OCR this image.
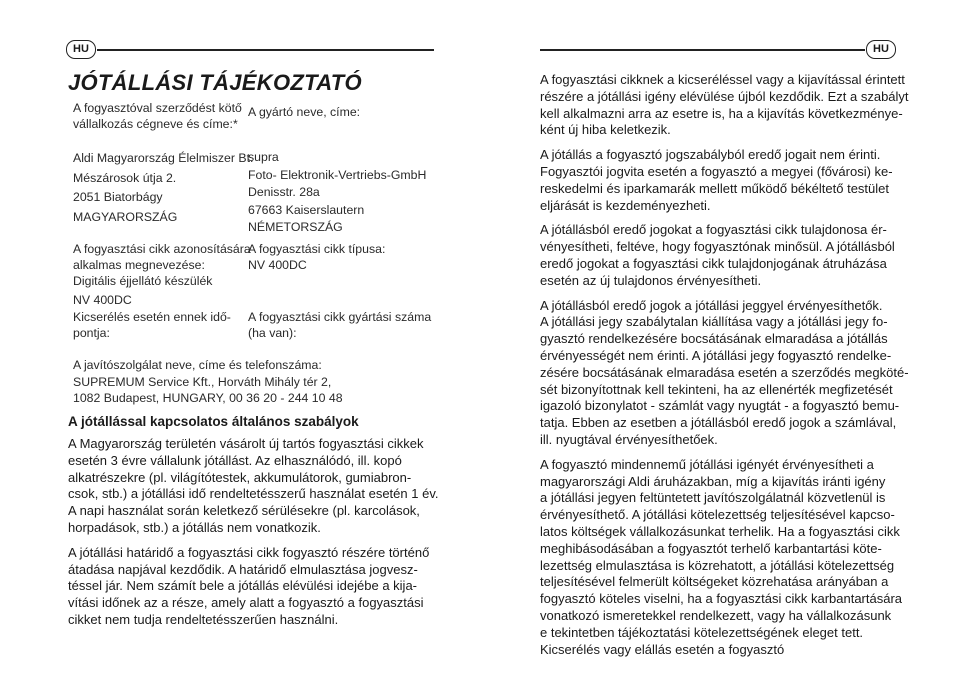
HU
JÓTÁLLÁSI TÁJÉKOZTATÓ
HU
A fogyasztóval szerződést kötő
vállalkozás cégneve és címe:*
Aldi Magyarország Élelmiszer Bt.
Mészárosok útja 2.
2051 Biatorbágy
MAGYARORSZÁG
A fogyasztási cikk azonosítására
alkalmas megnevezése:
Digitális éjjellátó készülék
NV 400DC
Kicserélés esetén ennek idő-
pontja:
A gyártó neve, címe:
supra
Foto- Elektronik-Vertriebs-GmbH
Denisstr. 28a
67663 Kaiserslautern
NÉMETORSZÁG
A fogyasztási cikk típusa:
NV 400DC
A fogyasztási cikk gyártási száma
(ha van):
A javítószolgálat neve, címe és telefonszáma:
SUPREMUM Service Kft., Horváth Mihály tér 2,
1082 Budapest, HUNGARY, 00 36 20 - 244 10 48
A jótállással kapcsolatos általános szabályok

A Magyarország területén vásárolt új tartós fogyasztási cikkek
esetén 3 évre vállalunk jótállást. Az elhasználódó, ill. kopó
alkatrészekre (pl. világítótestek, akkumulátorok, gumiabron-
csok, stb.) a jótállási idő rendeltetésszerű használat esetén 1 év.
A napi használat során keletkező sérülésekre (pl. karcolások,
horpadások, stb.) a jótállás nem vonatkozik.

A jótállási határidő a fogyasztási cikk fogyasztó részére történő
átadása napjával kezdődik. A határidő elmulasztása jogvesz-
téssel jár. Nem számít bele a jótállás elévülési idejébe a kija-
vítási időnek az a része, amely alatt a fogyasztó a fogyasztási
cikket nem tudja rendeltetésszerűen használni.

A fogyasztási cikknek a kicseréléssel vagy a kijavítással érintett
részére a jótállási igény elévülése újból kezdődik. Ezt a szabályt
kell alkalmazni arra az esetre is, ha a kijavítás következménye-
ként új hiba keletkezik.

A jótállás a fogyasztó jogszabályból eredő jogait nem érinti.
Fogyasztói jogvita esetén a fogyasztó a megyei (fővárosi) ke-
reskedelmi és iparkamarák mellett működő békéltető testület
eljárását is kezdeményezheti.

A jótállásból eredő jogokat a fogyasztási cikk tulajdonosa ér-
vényesítheti, feltéve, hogy fogyasztónak minősül. A jótállásból
eredő jogokat a fogyasztási cikk tulajdonjogának átruházása
esetén az új tulajdonos érvényesítheti.

A jótállásból eredő jogok a jótállási jeggyel érvényesíthetők.
A jótállási jegy szabálytalan kiállítása vagy a jótállási jegy fo-
gyasztó rendelkezésére bocsátásának elmaradása a jótállás
érvényességét nem érinti. A jótállási jegy fogyasztó rendelke-
zésére bocsátásának elmaradása esetén a szerződés megköté-
sét bizonyítottnak kell tekinteni, ha az ellenérték megfizetését
igazoló bizonylatot - számlát vagy nyugtát - a fogyasztó bemu-
tatja. Ebben az esetben a jótállásból eredő jogok a számlával,
ill. nyugtával érvényesíthetőek.

A fogyasztó mindennemű jótállási igényét érvényesítheti a
magyarországi Aldi áruházakban, míg a kijavítás iránti igény
a jótállási jegyen feltüntetett javítószolgálatnál közvetlenül is
érvényesíthető. A jótállási kötelezettség teljesítésével kapcso-
latos költségek vállalkozásunkat terhelik. Ha a fogyasztási cikk
meghibásodásában a fogyasztót terhelő karbantartási köte-
lezettség elmulasztása is közrehatott, a jótállási kötelezettség
teljesítésével felmerült költségeket közrehatása arányában a
fogyasztó köteles viselni, ha a fogyasztási cikk karbantartására
vonatkozó ismeretekkel rendelkezett, vagy ha vállalkozásunk
e tekintetben tájékoztatási kötelezettségének eleget tett.
Kicserélés vagy elállás esetén a fogyasztó
